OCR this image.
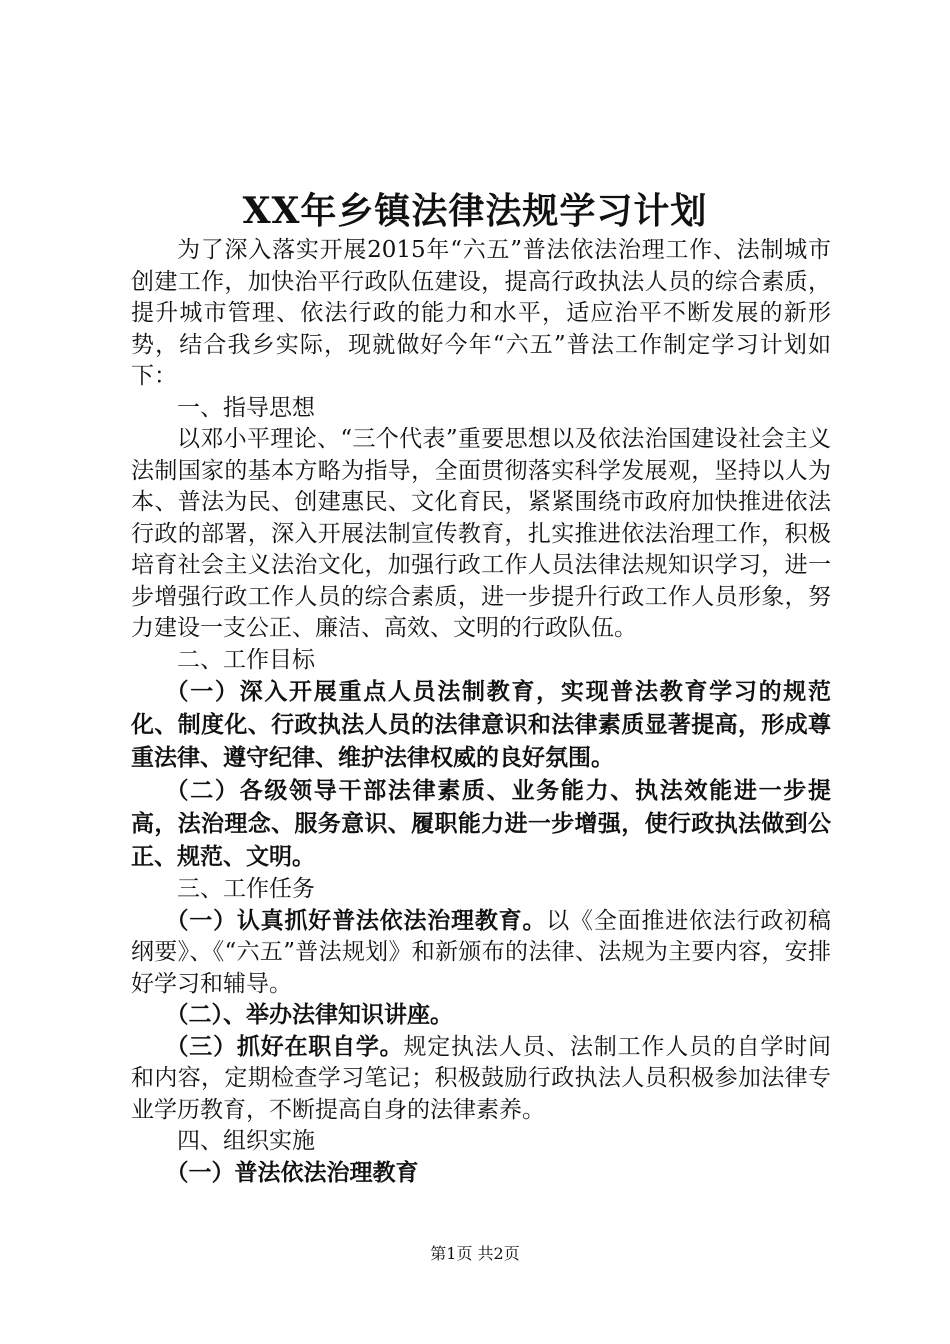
XX年乡镇法律法规学习计划

为了深入落实开展2015年“六五”普法依法治理工作、法制城市创建工作，加快治平行政队伍建设，提高行政执法人员的综合素质，提升城市管理、依法行政的能力和水平，适应治平不断发展的新形势，结合我乡实际，现就做好今年“六五”普法工作制定学习计划如下：

一、指导思想

以邓小平理论、“三个代表”重要思想以及依法治国建设社会主义法制国家的基本方略为指导，全面贯彻落实科学发展观，坚持以人为本、普法为民、创建惠民、文化育民，紧紧围绕市政府加快推进依法行政的部署，深入开展法制宣传教育，扎实推进依法治理工作，积极培育社会主义法治文化，加强行政工作人员法律法规知识学习，进一步增强行政工作人员的综合素质，进一步提升行政工作人员形象，努力建设一支公正、廉洁、高效、文明的行政队伍。

二、工作目标

（一）深入开展重点人员法制教育，实现普法教育学习的规范化、制度化、行政执法人员的法律意识和法律素质显著提高，形成尊重法律、遵守纪律、维护法律权威的良好氛围。

（二）各级领导干部法律素质、业务能力、执法效能进一步提高，法治理念、服务意识、履职能力进一步增强，使行政执法做到公正、规范、文明。

三、工作任务

（一）认真抓好普法依法治理教育。以《全面推进依法行政初稿纲要》、《“六五”普法规划》和新颁布的法律、法规为主要内容，安排好学习和辅导。

（二）、举办法律知识讲座。

（三）抓好在职自学。规定执法人员、法制工作人员的自学时间和内容，定期检查学习笔记；积极鼓励行政执法人员积极参加法律专业学历教育，不断提高自身的法律素养。

四、组织实施

（一）普法依法治理教育

第1页 共2页
